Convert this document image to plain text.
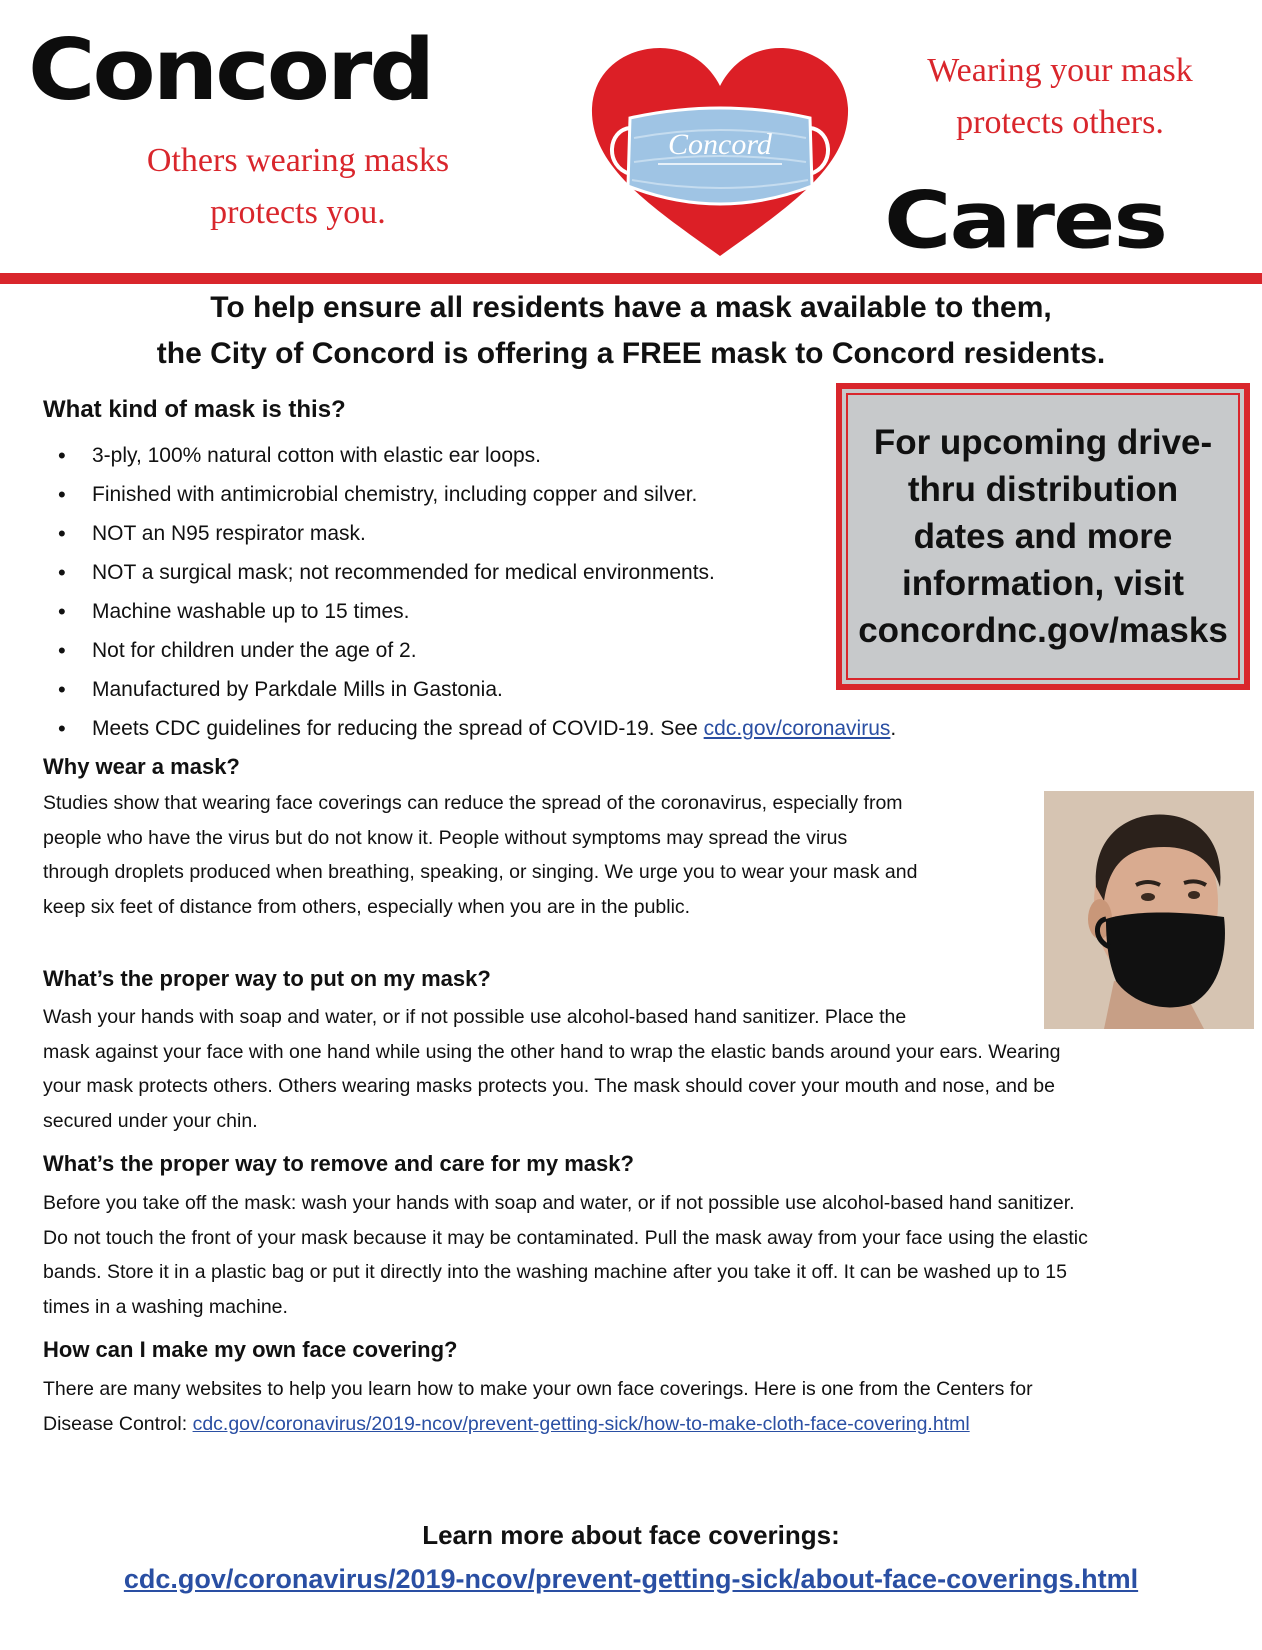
Concord
Others wearing masks
protects you.
Concord
Wearing your mask
protects others.
Cares
To help ensure all residents have a mask available to them,
the City of Concord is offering a FREE mask to Concord residents.
What kind of mask is this?
• 3-ply, 100% natural cotton with elastic ear loops.
• Finished with antimicrobial chemistry, including copper and silver.
• NOT an N95 respirator mask.
• NOT a surgical mask; not recommended for medical environments.
• Machine washable up to 15 times.
• Not for children under the age of 2.
• Manufactured by Parkdale Mills in Gastonia.
• Meets CDC guidelines for reducing the spread of COVID-19. See cdc.gov/coronavirus.
For upcoming drive-
thru distribution
dates and more
information, visit
concordnc.gov/masks
Why wear a mask?
Studies show that wearing face coverings can reduce the spread of the coronavirus, especially from
people who have the virus but do not know it. People without symptoms may spread the virus
through droplets produced when breathing, speaking, or singing. We urge you to wear your mask and
keep six feet of distance from others, especially when you are in the public.
What’s the proper way to put on my mask?
Wash your hands with soap and water, or if not possible use alcohol-based hand sanitizer. Place the
mask against your face with one hand while using the other hand to wrap the elastic bands around your ears. Wearing
your mask protects others. Others wearing masks protects you. The mask should cover your mouth and nose, and be
secured under your chin.
What’s the proper way to remove and care for my mask?
Before you take off the mask: wash your hands with soap and water, or if not possible use alcohol-based hand sanitizer.
Do not touch the front of your mask because it may be contaminated. Pull the mask away from your face using the elastic
bands. Store it in a plastic bag or put it directly into the washing machine after you take it off. It can be washed up to 15
times in a washing machine.
How can I make my own face covering?
There are many websites to help you learn how to make your own face coverings. Here is one from the Centers for
Disease Control: cdc.gov/coronavirus/2019-ncov/prevent-getting-sick/how-to-make-cloth-face-covering.html
Learn more about face coverings:
cdc.gov/coronavirus/2019-ncov/prevent-getting-sick/about-face-coverings.html
